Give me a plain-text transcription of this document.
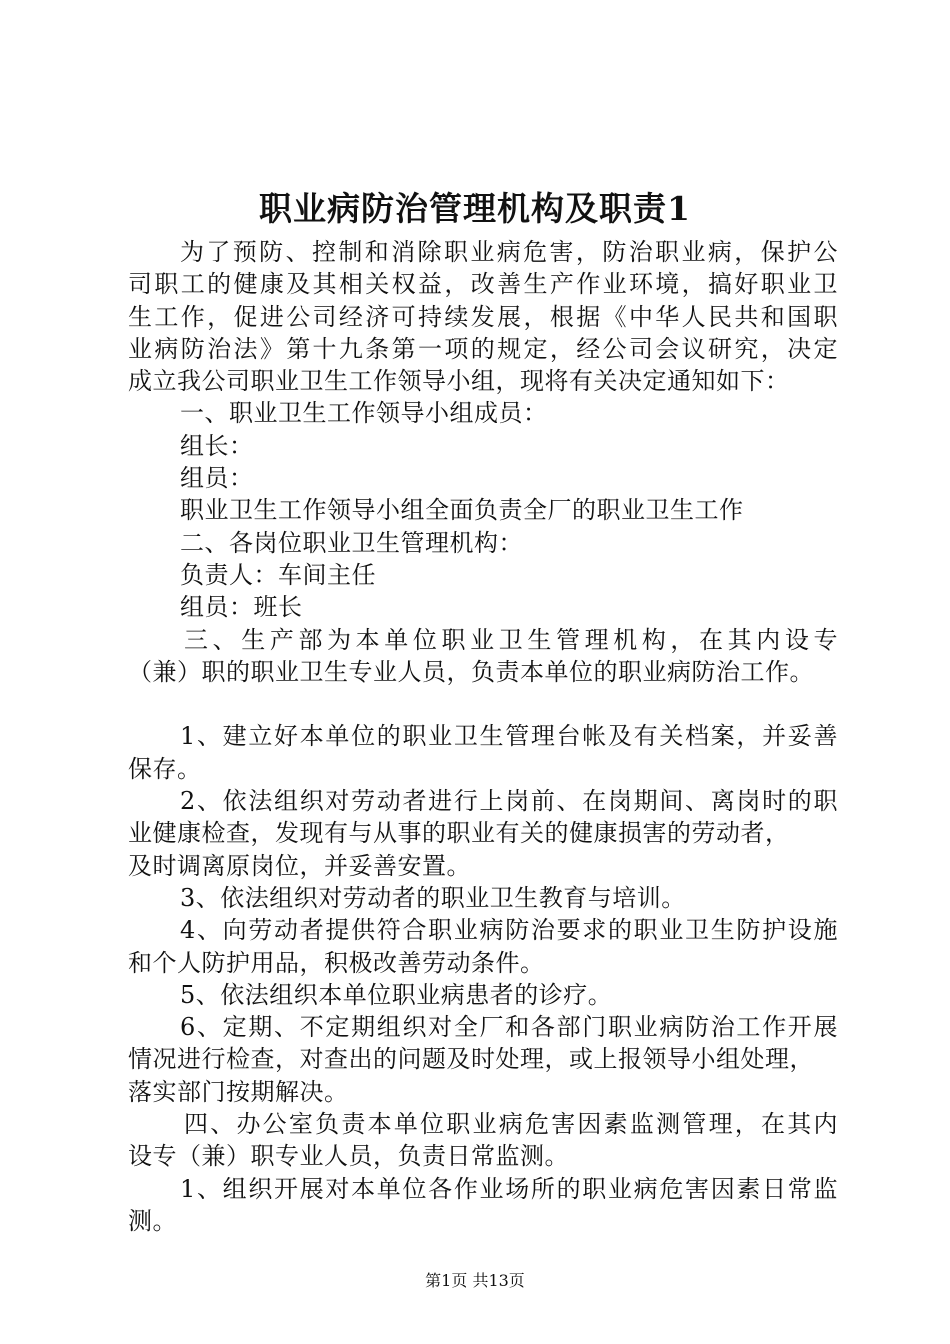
职业病防治管理机构及职责1
为了预防、控制和消除职业病危害，防治职业病，保护公
司职工的健康及其相关权益，改善生产作业环境，搞好职业卫
生工作，促进公司经济可持续发展，根据《中华人民共和国职
业病防治法》第十九条第一项的规定，经公司会议研究，决定
成立我公司职业卫生工作领导小组，现将有关决定通知如下：
一、职业卫生工作领导小组成员：
组长：
组员：
职业卫生工作领导小组全面负责全厂的职业卫生工作
二、各岗位职业卫生管理机构：
负责人：车间主任
组员：班长
三、生产部为本单位职业卫生管理机构，在其内设专
（兼）职的职业卫生专业人员，负责本单位的职业病防治工作。
1、建立好本单位的职业卫生管理台帐及有关档案，并妥善
保存。
2、依法组织对劳动者进行上岗前、在岗期间、离岗时的职
业健康检查，发现有与从事的职业有关的健康损害的劳动者，
及时调离原岗位，并妥善安置。
3、依法组织对劳动者的职业卫生教育与培训。
4、向劳动者提供符合职业病防治要求的职业卫生防护设施
和个人防护用品，积极改善劳动条件。
5、依法组织本单位职业病患者的诊疗。
6、定期、不定期组织对全厂和各部门职业病防治工作开展
情况进行检查，对查出的问题及时处理，或上报领导小组处理，
落实部门按期解决。
四、办公室负责本单位职业病危害因素监测管理，在其内
设专（兼）职专业人员，负责日常监测。
1、组织开展对本单位各作业场所的职业病危害因素日常监
测。
第1页 共13页
